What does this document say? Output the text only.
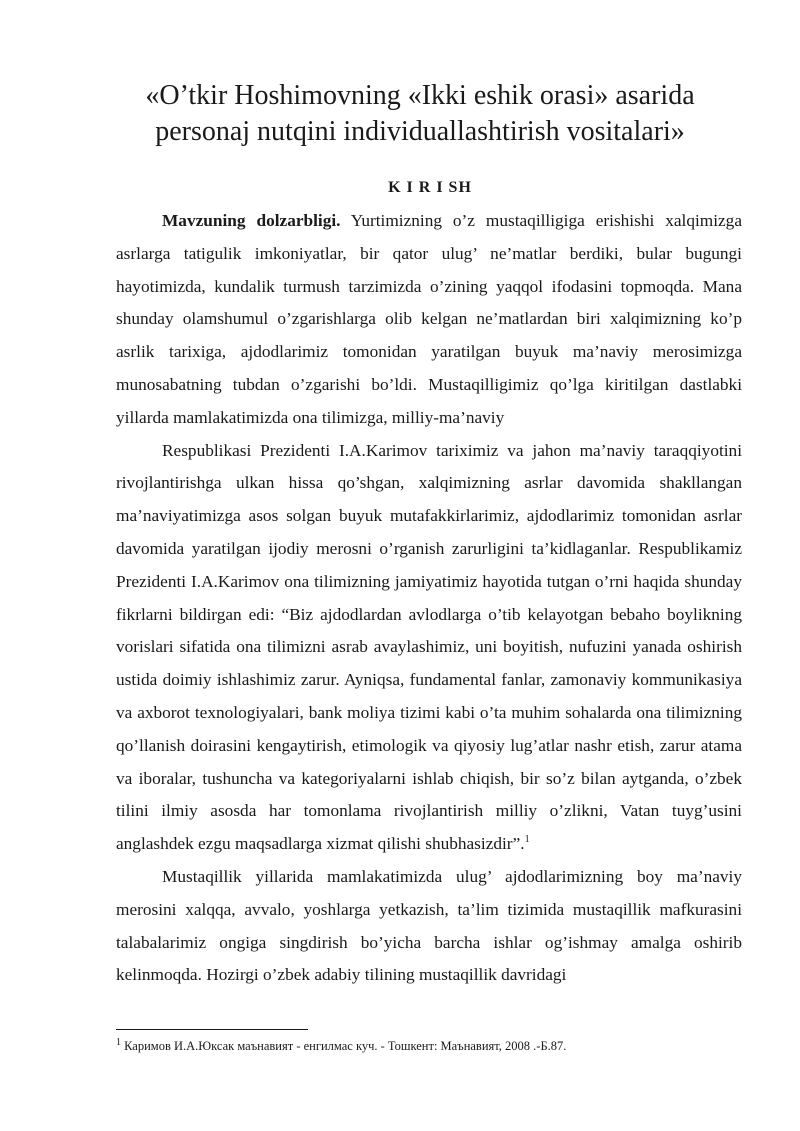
«O’tkir Hoshimovning «Ikki eshik orasi» asarida
personaj nutqini individuallashtirish vositalari»
K I R I SH

Mavzuning dolzarbligi. Yurtimizning o’z mustaqilligiga erishishi xalqimizga asrlarga tatigulik imkoniyatlar, bir qator ulug’ ne’matlar berdiki, bular bugungi hayotimizda, kundalik turmush tarzimizda o’zining yaqqol ifodasini topmoqda. Mana shunday olamshumul o’zgarishlarga olib kelgan ne’matlardan biri xalqimizning ko’p asrlik tarixiga, ajdodlarimiz tomonidan yaratilgan buyuk ma’naviy merosimizga munosabatning tubdan o’zgarishi bo’ldi. Mustaqilligimiz qo’lga kiritilgan dastlabki yillarda mamlakatimizda ona tilimizga, milliy-ma’naviy

Respublikasi Prezidenti I.A.Karimov tariximiz va jahon ma’naviy taraqqiyotini rivojlantirishga ulkan hissa qo’shgan, xalqimizning asrlar davomida shakllangan ma’naviyatimizga asos solgan buyuk mutafakkirlarimiz, ajdodlarimiz tomonidan asrlar davomida yaratilgan ijodiy merosni o’rganish zarurligini ta’kidlaganlar. Respublikamiz Prezidenti I.A.Karimov ona tilimizning jamiyatimiz hayotida tutgan o’rni haqida shunday fikrlarni bildirgan edi: “Biz ajdodlardan avlodlarga o’tib kelayotgan bebaho boylikning vorislari sifatida ona tilimizni asrab avaylashimiz, uni boyitish, nufuzini yanada oshirish ustida doimiy ishlashimiz zarur. Ayniqsa, fundamental fanlar, zamonaviy kommunikasiya va axborot texnologiyalari, bank moliya tizimi kabi o’ta muhim sohalarda ona tilimizning qo’llanish doirasini kengaytirish, etimologik va qiyosiy lug’atlar nashr etish, zarur atama va iboralar, tushuncha va kategoriyalarni ishlab chiqish, bir so’z bilan aytganda, o’zbek tilini ilmiy asosda har tomonlama rivojlantirish milliy o’zlikni, Vatan tuyg’usini anglashdek ezgu maqsadlarga xizmat qilishi shubhasizdir”.$^1$

Mustaqillik yillarida mamlakatimizda ulug’ ajdodlarimizning boy ma’naviy merosini xalqqa, avvalo, yoshlarga yetkazish, ta’lim tizimida mustaqillik mafkurasini talabalarimiz ongiga singdirish bo’yicha barcha ishlar og’ishmay amalga oshirib kelinmoqda. Hozirgi o’zbek adabiy tilining mustaqillik davridagi

$^1$ Каримов И.А.Юксак маънавият - енгилмас куч. - Тошкент: Маънавият, 2008 .-Б.87.
